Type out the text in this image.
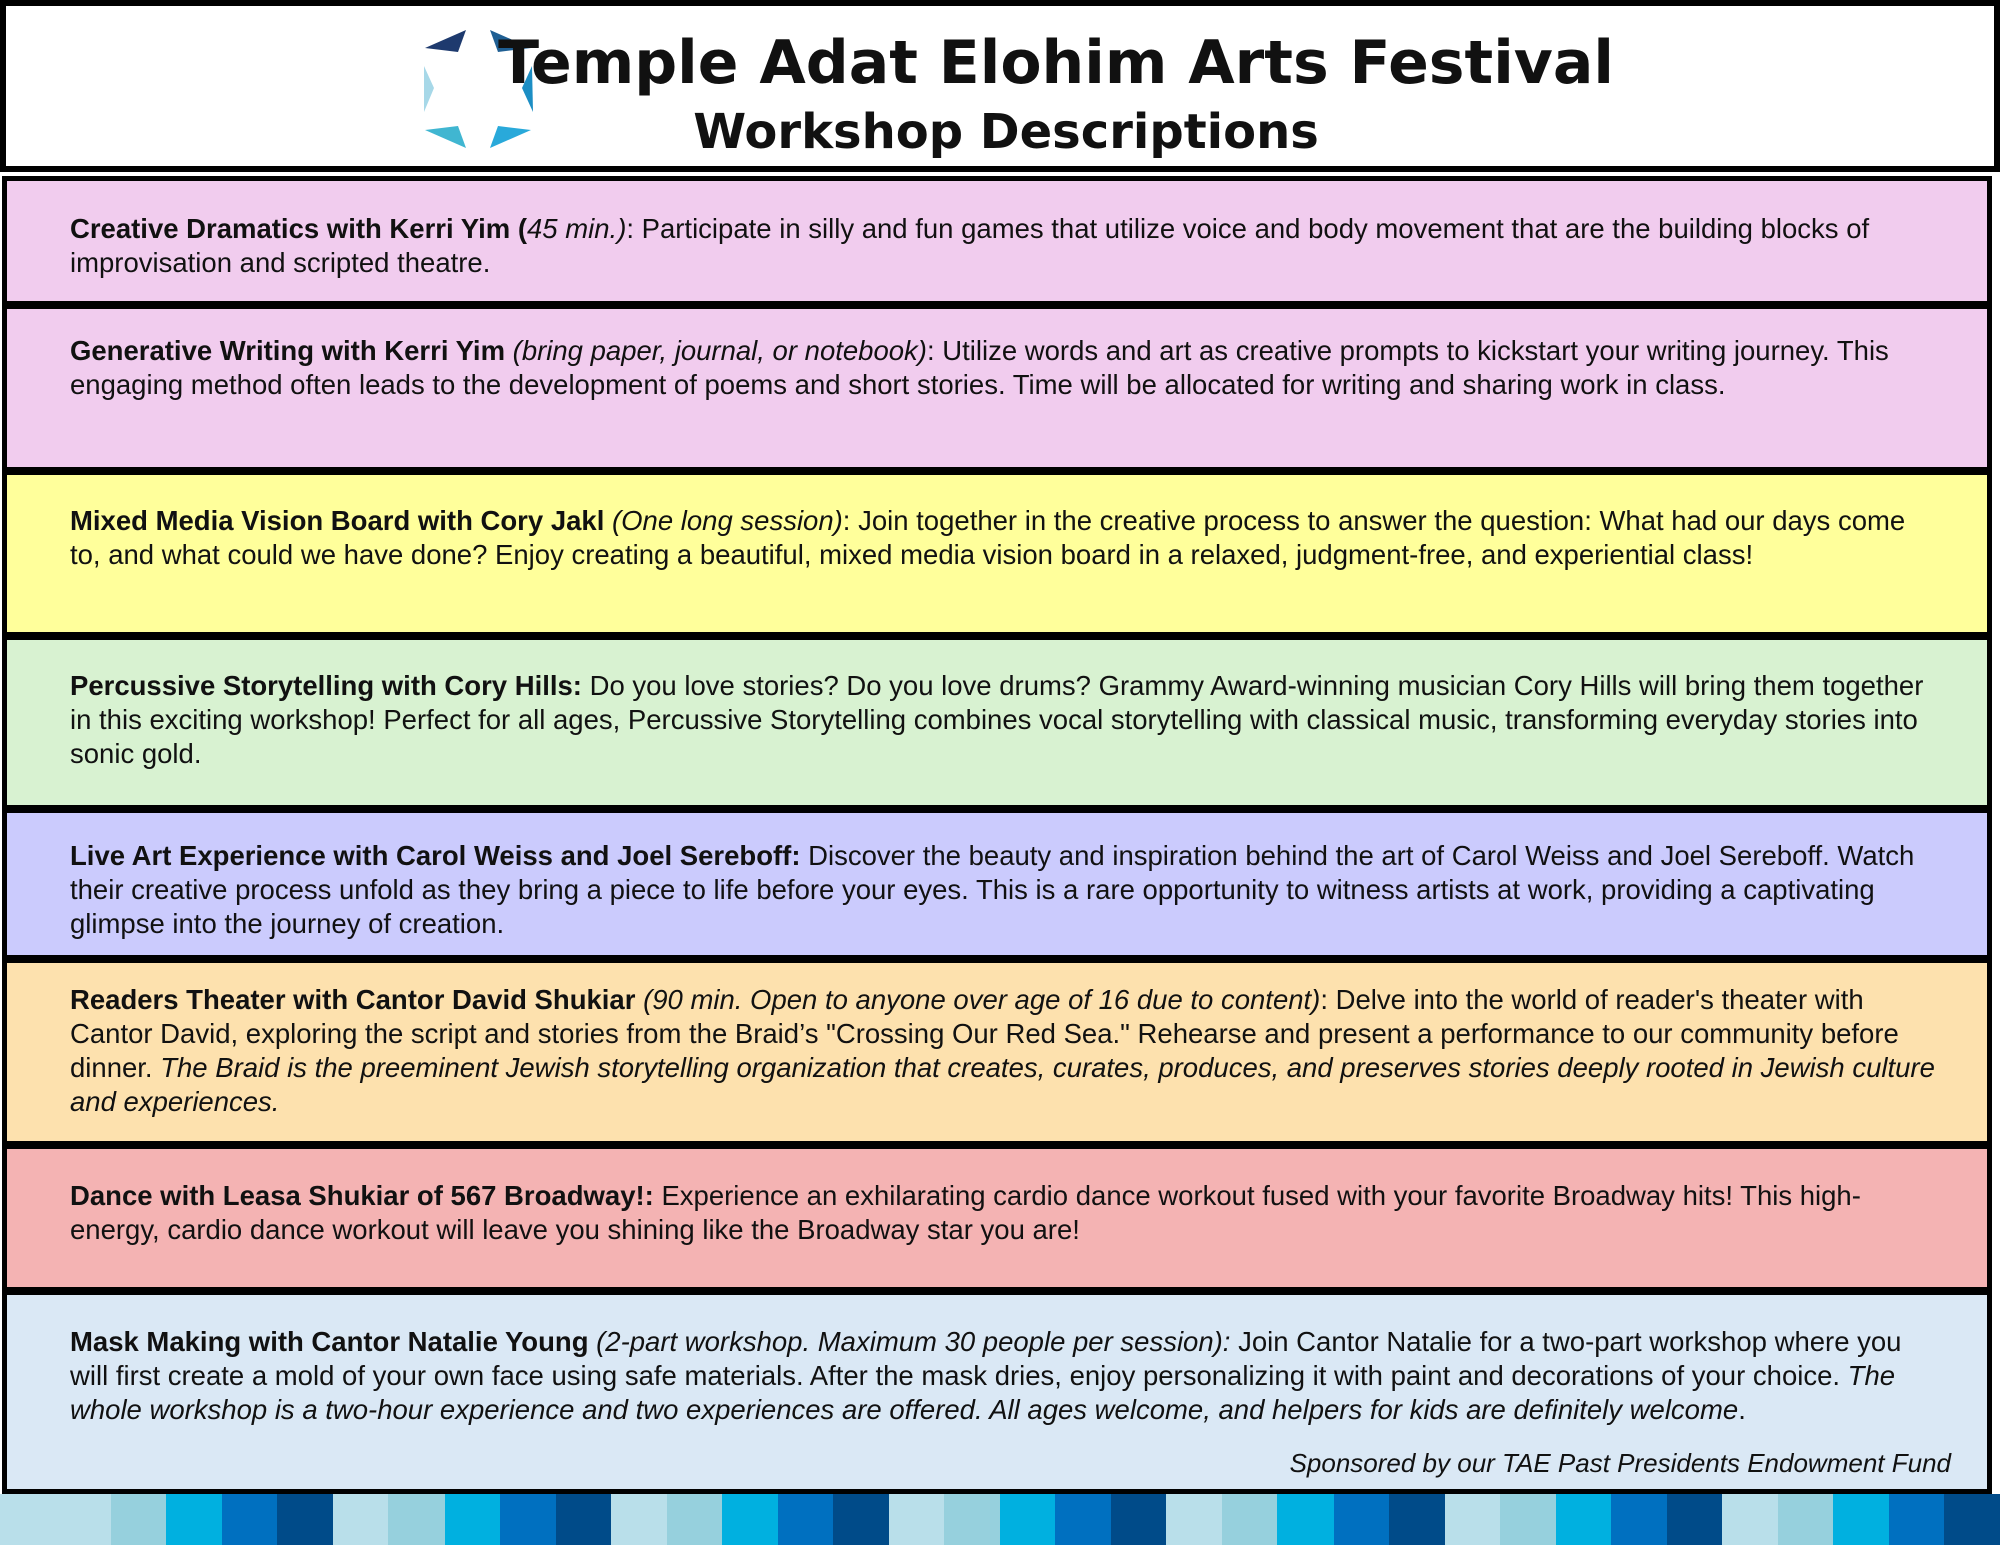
Temple Adat Elohim Arts Festival
Workshop Descriptions

Creative Dramatics with Kerri Yim (45 min.): Participate in silly and fun games that utilize voice and body movement that are the building blocks of improvisation and scripted theatre.

Generative Writing with Kerri Yim (bring paper, journal, or notebook): Utilize words and art as creative prompts to kickstart your writing journey. This engaging method often leads to the development of poems and short stories. Time will be allocated for writing and sharing work in class.

Mixed Media Vision Board with Cory Jakl (One long session): Join together in the creative process to answer the question: What had our days come to, and what could we have done? Enjoy creating a beautiful, mixed media vision board in a relaxed, judgment-free, and experiential class!

Percussive Storytelling with Cory Hills: Do you love stories? Do you love drums? Grammy Award-winning musician Cory Hills will bring them together in this exciting workshop! Perfect for all ages, Percussive Storytelling combines vocal storytelling with classical music, transforming everyday stories into sonic gold.

Live Art Experience with Carol Weiss and Joel Sereboff: Discover the beauty and inspiration behind the art of Carol Weiss and Joel Sereboff. Watch their creative process unfold as they bring a piece to life before your eyes. This is a rare opportunity to witness artists at work, providing a captivating glimpse into the journey of creation.

Readers Theater with Cantor David Shukiar (90 min. Open to anyone over age of 16 due to content): Delve into the world of reader's theater with Cantor David, exploring the script and stories from the Braid’s "Crossing Our Red Sea." Rehearse and present a performance to our community before dinner. The Braid is the preeminent Jewish storytelling organization that creates, curates, produces, and preserves stories deeply rooted in Jewish culture and experiences.

Dance with Leasa Shukiar of 567 Broadway!: Experience an exhilarating cardio dance workout fused with your favorite Broadway hits! This high-energy, cardio dance workout will leave you shining like the Broadway star you are!

Mask Making with Cantor Natalie Young (2-part workshop. Maximum 30 people per session): Join Cantor Natalie for a two-part workshop where you will first create a mold of your own face using safe materials. After the mask dries, enjoy personalizing it with paint and decorations of your choice. The whole workshop is a two-hour experience and two experiences are offered. All ages welcome, and helpers for kids are definitely welcome.

Sponsored by our TAE Past Presidents Endowment Fund
